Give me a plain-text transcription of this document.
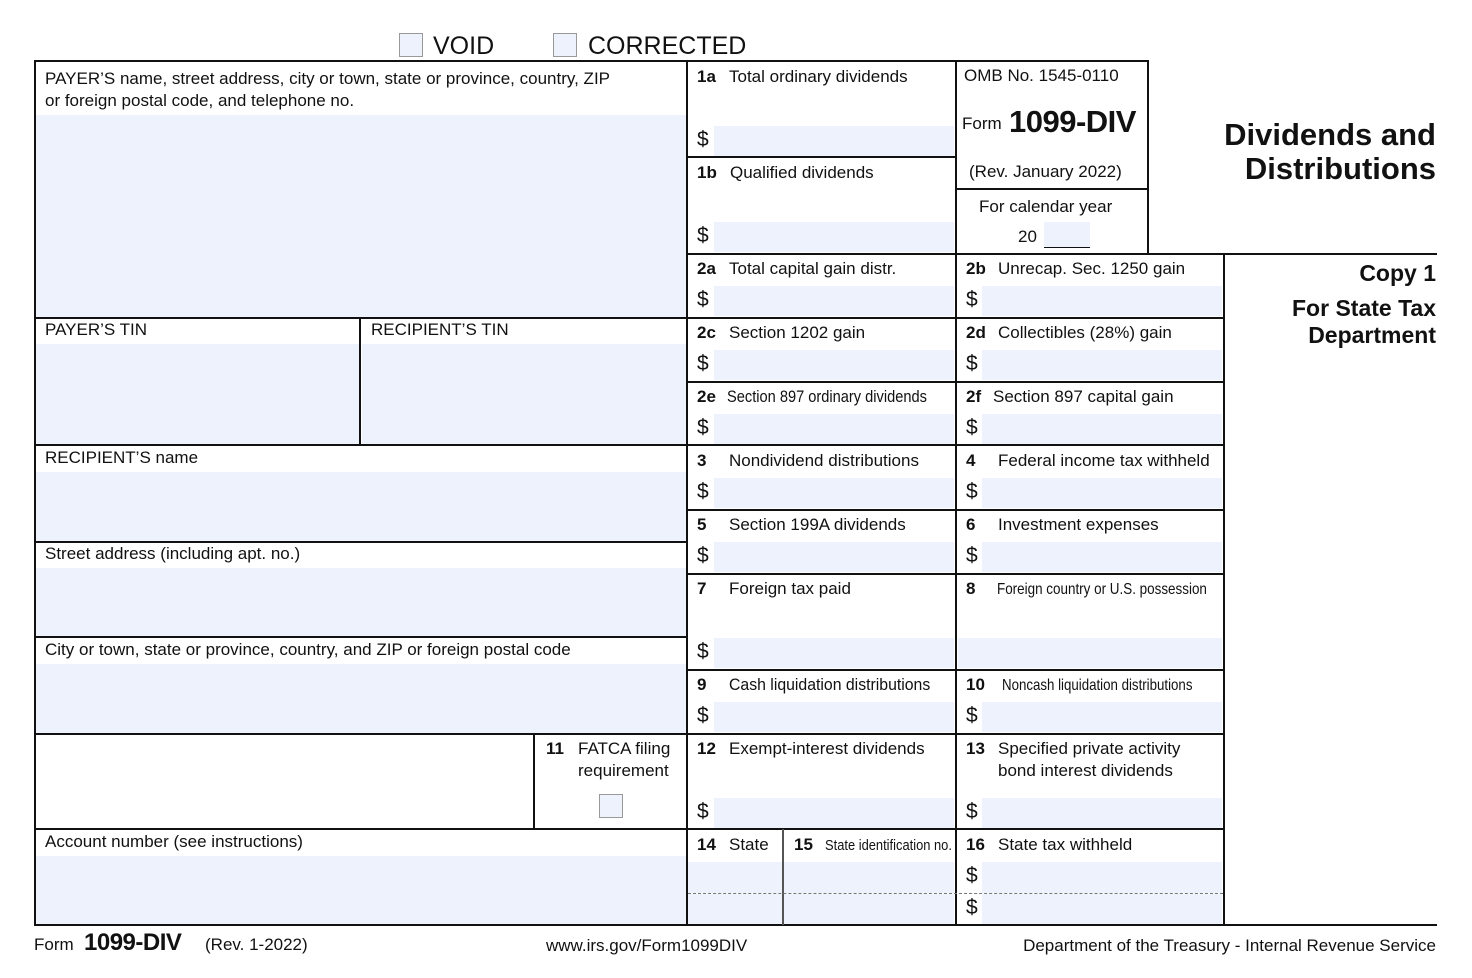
VOID	CORRECTED
PAYER’S name, street address, city or town, state or province, country, ZIP
or foreign postal code, and telephone no.
PAYER’S TIN	RECIPIENT’S TIN
RECIPIENT’S name
Street address (including apt. no.)
City or town, state or province, country, and ZIP or foreign postal code
Account number (see instructions)
11 FATCA filing
requirement
1a Total ordinary dividends
$
1b Qualified dividends
$
2a Total capital gain distr.
$
2c Section 1202 gain
$
2e Section 897 ordinary dividends
$
3 Nondividend distributions
$
5 Section 199A dividends
$
7 Foreign tax paid
$
9 Cash liquidation distributions
$
12 Exempt-interest dividends
$
14 State 15 State identification no.
OMB No. 1545-0110
Form 1099-DIV
(Rev. January 2022)
For calendar year
20
Dividends and
Distributions
2b Unrecap. Sec. 1250 gain
$
2d Collectibles (28%) gain
$
2f Section 897 capital gain
$
4 Federal income tax withheld
$
6 Investment expenses
$
8 Foreign country or U.S. possession
10 Noncash liquidation distributions
$
13 Specified private activity
bond interest dividends
$
16 State tax withheld
$
$
Copy 1
For State Tax
Department
Form 1099-DIV (Rev. 1-2022)	www.irs.gov/Form1099DIV	Department of the Treasury - Internal Revenue Service
